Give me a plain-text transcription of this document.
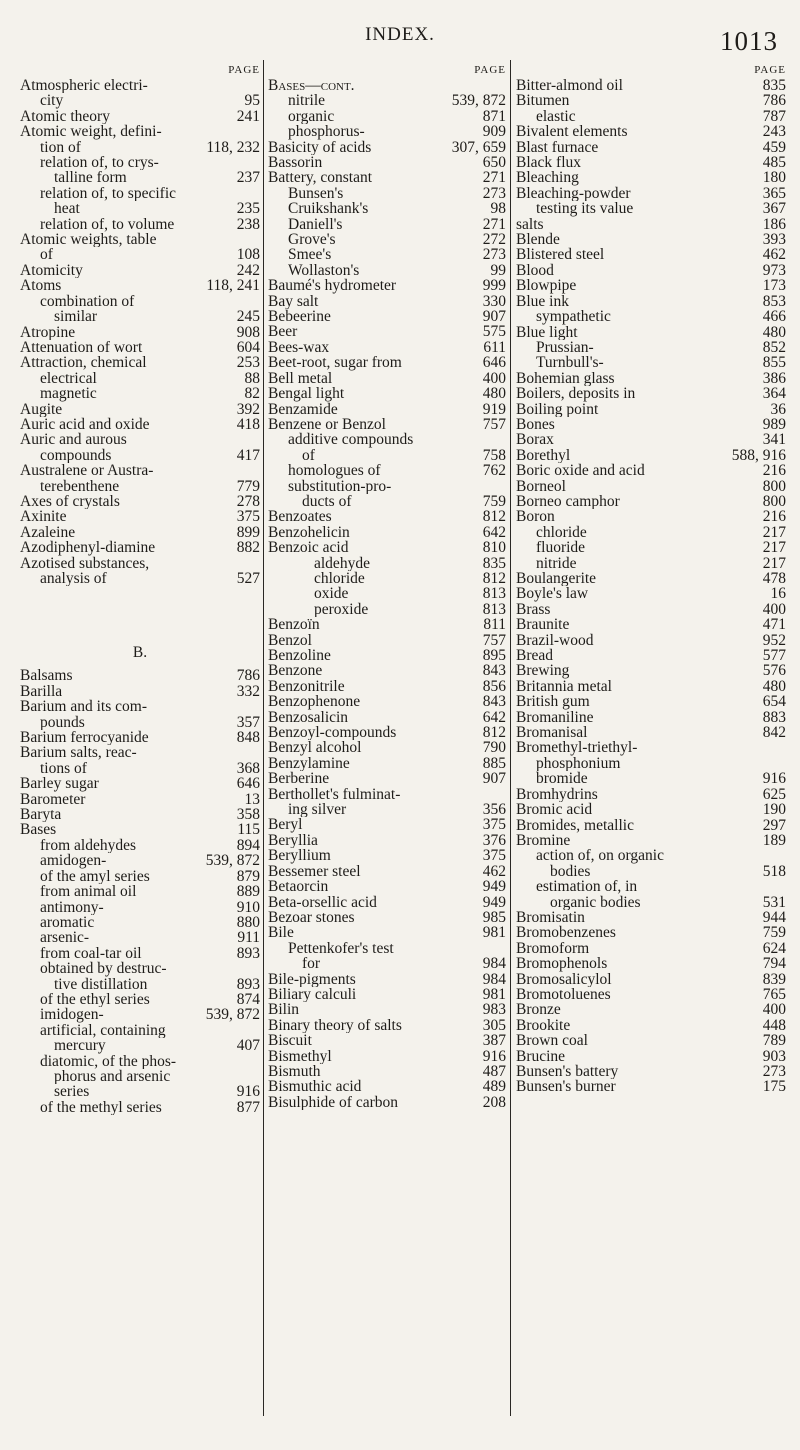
INDEX.	1013
PAGE
Atmospheric electri-
city	95
Atomic theory	241
Atomic weight, defini-
tion of	118, 232
relation of, to crys-
talline form	237
relation of, to specific
heat	235
relation of, to volume	238
Atomic weights, table
of	108
Atomicity	242
Atoms	118, 241
combination of
similar	245
Atropine	908
Attenuation of wort	604
Attraction, chemical	253
electrical	88
magnetic	82
Augite	392
Auric acid and oxide	418
Auric and aurous
compounds	417
Australene or Austra-
terebenthene	779
Axes of crystals	278
Axinite	375
Azaleine	899
Azodiphenyl-diamine	882
Azotised substances,
analysis of	527
B.
Balsams	786
Barilla	332
Barium and its com-
pounds	357
Barium ferrocyanide	848
Barium salts, reac-
tions of	368
Barley sugar	646
Barometer	13
Baryta	358
Bases	115
from aldehydes	894
amidogen-	539, 872
of the amyl series	879
from animal oil	889
antimony-	910
aromatic	880
arsenic-	911
from coal-tar oil	893
obtained by destruc-
tive distillation	893
of the ethyl series	874
imidogen-	539, 872
artificial, containing
mercury	407
diatomic, of the phos-
phorus and arsenic
series	916
of the methyl series	877
PAGE
Bases—cont.
nitrile	539, 872
organic	871
phosphorus-	909
Basicity of acids	307, 659
Bassorin	650
Battery, constant	271
Bunsen's	273
Cruikshank's	98
Daniell's	271
Grove's	272
Smee's	273
Wollaston's	99
Baumé's hydrometer	999
Bay salt	330
Bebeerine	907
Beer	575
Bees-wax	611
Beet-root, sugar from	646
Bell metal	400
Bengal light	480
Benzamide	919
Benzene or Benzol	757
additive compounds
of	758
homologues of	762
substitution-pro-
ducts of	759
Benzoates	812
Benzohelicin	642
Benzoic acid	810
aldehyde	835
chloride	812
oxide	813
peroxide	813
Benzoïn	811
Benzol	757
Benzoline	895
Benzone	843
Benzonitrile	856
Benzophenone	843
Benzosalicin	642
Benzoyl-compounds	812
Benzyl alcohol	790
Benzylamine	885
Berberine	907
Berthollet's fulminat-
ing silver	356
Beryl	375
Beryllia	376
Beryllium	375
Bessemer steel	462
Betaorcin	949
Beta-orsellic acid	949
Bezoar stones	985
Bile	981
Pettenkofer's test
for	984
Bile-pigments	984
Biliary calculi	981
Bilin	983
Binary theory of salts	305
Biscuit	387
Bismethyl	916
Bismuth	487
Bismuthic acid	489
Bisulphide of carbon	208
PAGE
Bitter-almond oil	835
Bitumen	786
elastic	787
Bivalent elements	243
Blast furnace	459
Black flux	485
Bleaching	180
Bleaching-powder	365
testing its value	367
salts	186
Blende	393
Blistered steel	462
Blood	973
Blowpipe	173
Blue ink	853
sympathetic	466
Blue light	480
Prussian-	852
Turnbull's-	855
Bohemian glass	386
Boilers, deposits in	364
Boiling point	36
Bones	989
Borax	341
Borethyl	588, 916
Boric oxide and acid	216
Borneol	800
Borneo camphor	800
Boron	216
chloride	217
fluoride	217
nitride	217
Boulangerite	478
Boyle's law	16
Brass	400
Braunite	471
Brazil-wood	952
Bread	577
Brewing	576
Britannia metal	480
British gum	654
Bromaniline	883
Bromanisal	842
Bromethyl-triethyl-
phosphonium
bromide	916
Bromhydrins	625
Bromic acid	190
Bromides, metallic	297
Bromine	189
action of, on organic
bodies	518
estimation of, in
organic bodies	531
Bromisatin	944
Bromobenzenes	759
Bromoform	624
Bromophenols	794
Bromosalicylol	839
Bromotoluenes	765
Bronze	400
Brookite	448
Brown coal	789
Brucine	903
Bunsen's battery	273
Bunsen's burner	175
